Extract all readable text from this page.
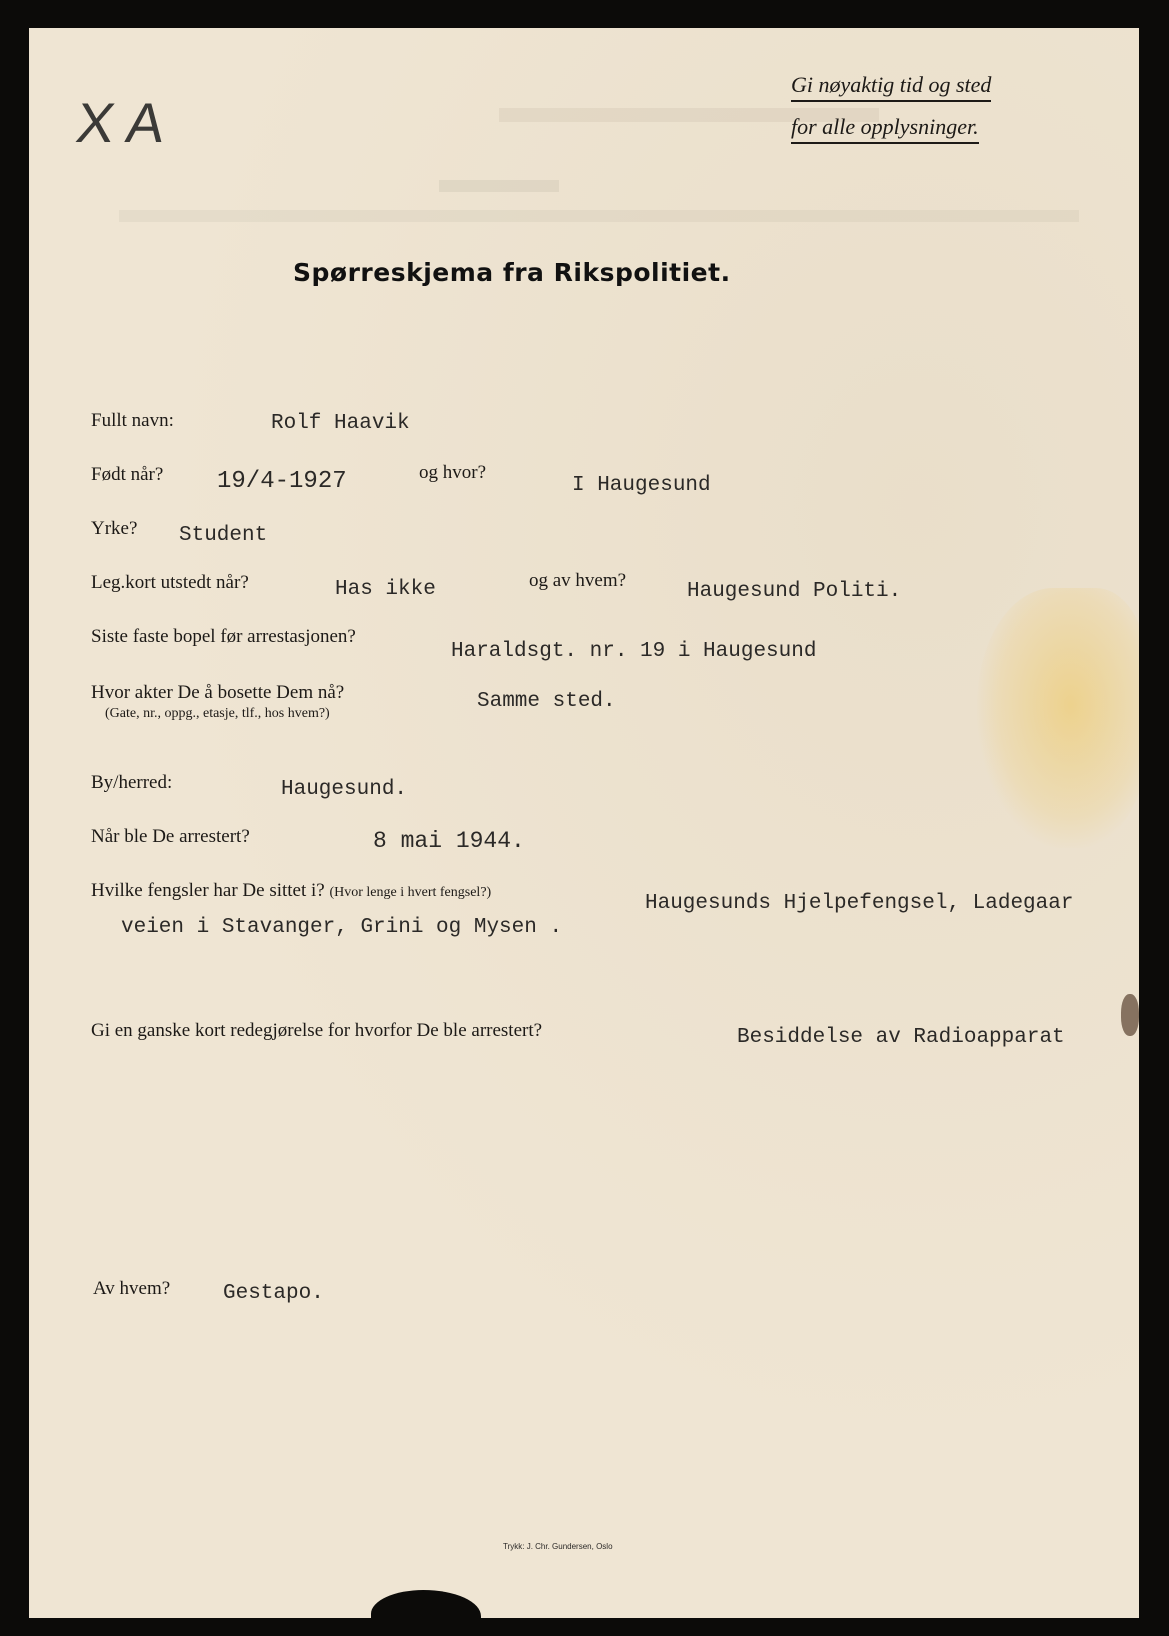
X A
Gi nøyaktig tid og sted
for alle opplysninger.
Spørreskjema fra Rikspolitiet.
Fullt navn:	Rolf Haavik
Født når? 19/4-1927	og hvor?
I Haugesund
Yrke? Student
Leg.kort utstedt når?	Has ikke	og av hvem?	Haugesund Politi.
Siste faste bopel før arrestasjonen?
Haraldsgt. nr. 19 i Haugesund
Hvor akter De å bosette Dem nå?
(Gate, nr., oppg., etasje, tlf., hos hvem?)
Samme sted.
By/herred:	Haugesund.
Når ble De arrestert?	8 mai 1944.
Hvilke fengsler har De sittet i? (Hvor lenge i hvert fengsel?)	Haugesunds Hjelpefengsel, Ladegaar
veien i Stavanger, Grini og Mysen .
Gi en ganske kort redegjørelse for hvorfor De ble arrestert?	Besiddelse av Radioapparat
Av hvem?	Gestapo.
Trykk: J. Chr. Gundersen, Oslo
